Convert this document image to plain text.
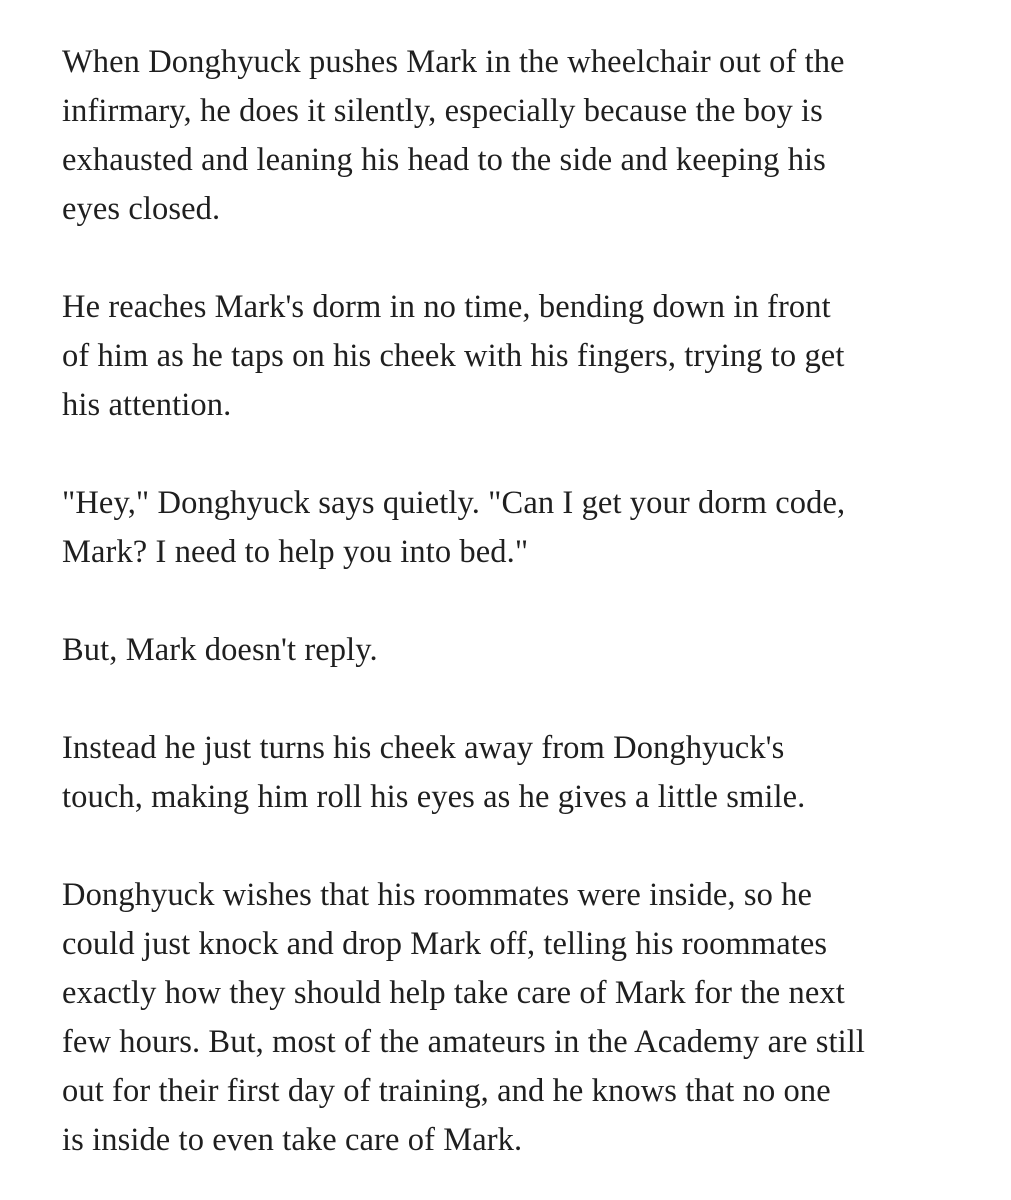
When Donghyuck pushes Mark in the wheelchair out of the
infirmary, he does it silently, especially because the boy is
exhausted and leaning his head to the side and keeping his
eyes closed.

He reaches Mark's dorm in no time, bending down in front
of him as he taps on his cheek with his fingers, trying to get
his attention.

"Hey," Donghyuck says quietly. "Can I get your dorm code,
Mark? I need to help you into bed."

But, Mark doesn't reply.

Instead he just turns his cheek away from Donghyuck's
touch, making him roll his eyes as he gives a little smile.

Donghyuck wishes that his roommates were inside, so he
could just knock and drop Mark off, telling his roommates
exactly how they should help take care of Mark for the next
few hours. But, most of the amateurs in the Academy are still
out for their first day of training, and he knows that no one
is inside to even take care of Mark.
